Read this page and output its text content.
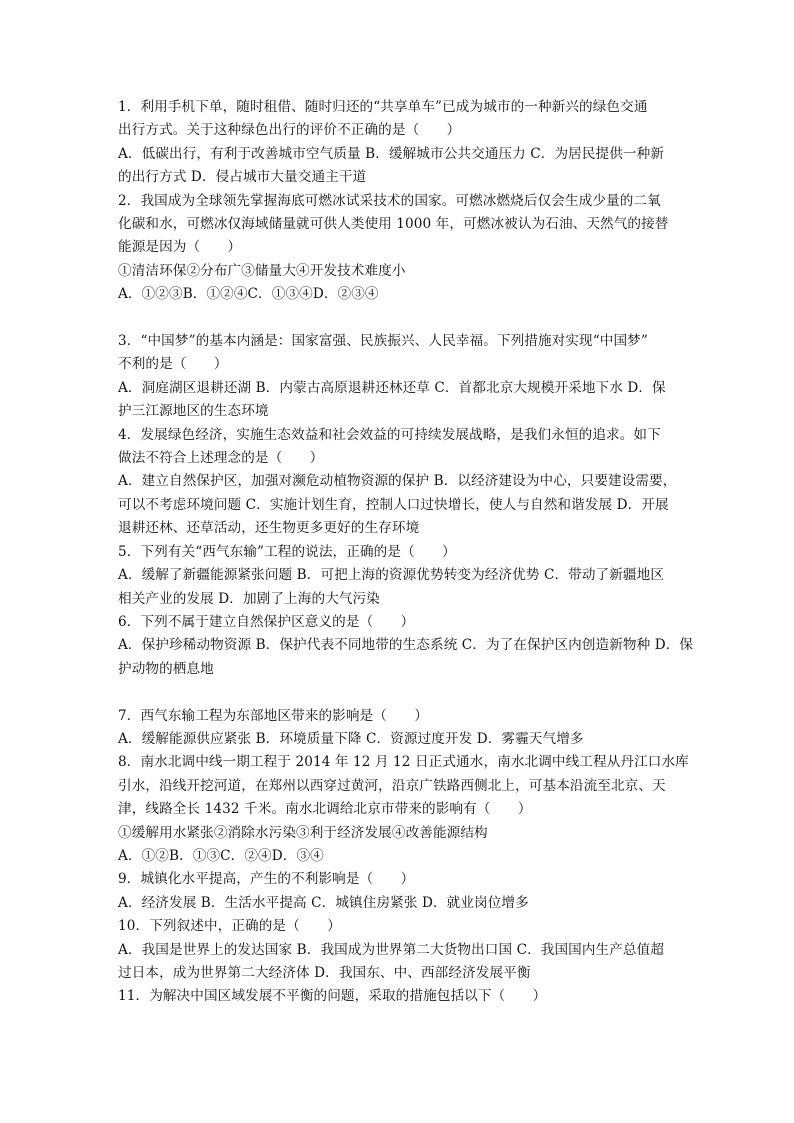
1．利用手机下单，随时租借、随时归还的“共享单车”已成为城市的一种新兴的绿色交通
出行方式。关于这种绿色出行的评价不正确的是（　　）
A．低碳出行，有利于改善城市空气质量 B．缓解城市公共交通压力 C．为居民提供一种新
的出行方式 D．侵占城市大量交通主干道
2．我国成为全球领先掌握海底可燃冰试采技术的国家。可燃冰燃烧后仅会生成少量的二氧
化碳和水，可燃冰仅海域储量就可供人类使用 1000 年，可燃冰被认为石油、天然气的接替
能源是因为（　　）
①清洁环保②分布广③储量大④开发技术难度小
A．①②③B．①②④C．①③④D．②③④
3．“中国梦”的基本内涵是：国家富强、民族振兴、人民幸福。下列措施对实现“中国梦”
不利的是（　　）
A．洞庭湖区退耕还湖 B．内蒙古高原退耕还林还草 C．首都北京大规模开采地下水 D．保
护三江源地区的生态环境
4．发展绿色经济，实施生态效益和社会效益的可持续发展战略，是我们永恒的追求。如下
做法不符合上述理念的是（　　）
A．建立自然保护区，加强对濒危动植物资源的保护 B．以经济建设为中心，只要建设需要，
可以不考虑环境问题 C．实施计划生育，控制人口过快增长，使人与自然和谐发展 D．开展
退耕还林、还草活动，还生物更多更好的生存环境
5．下列有关“西气东输”工程的说法，正确的是（　　）
A．缓解了新疆能源紧张问题 B．可把上海的资源优势转变为经济优势 C．带动了新疆地区
相关产业的发展 D．加剧了上海的大气污染
6．下列不属于建立自然保护区意义的是（　　）
A．保护珍稀动物资源 B．保护代表不同地带的生态系统 C．为了在保护区内创造新物种 D．保
护动物的栖息地
7．西气东输工程为东部地区带来的影响是（　　）
A．缓解能源供应紧张 B．环境质量下降 C．资源过度开发 D．雾霾天气增多
8．南水北调中线一期工程于 2014 年 12 月 12 日正式通水，南水北调中线工程从丹江口水库
引水，沿线开挖河道，在郑州以西穿过黄河，沿京广铁路西侧北上，可基本沿流至北京、天
津，线路全长 1432 千米。南水北调给北京市带来的影响有（　　）
①缓解用水紧张②消除水污染③利于经济发展④改善能源结构
A．①②B．①③C．②④D．③④
9．城镇化水平提高，产生的不利影响是（　　）
A．经济发展 B．生活水平提高 C．城镇住房紧张 D．就业岗位增多
10．下列叙述中，正确的是（　　）
A．我国是世界上的发达国家 B．我国成为世界第二大货物出口国 C．我国国内生产总值超
过日本，成为世界第二大经济体 D．我国东、中、西部经济发展平衡
11．为解决中国区域发展不平衡的问题，采取的措施包括以下（　　）
